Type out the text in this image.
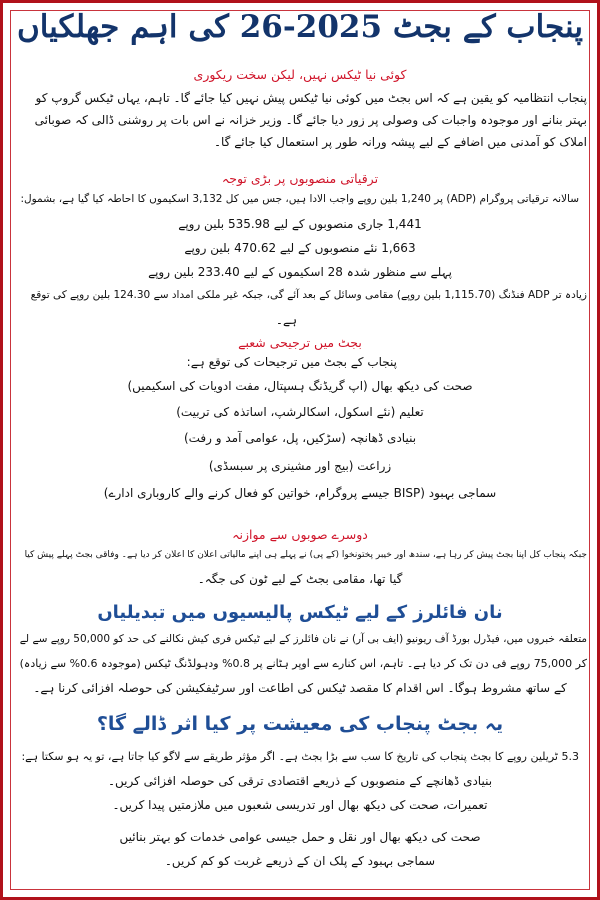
پنجاب کے بجٹ 2025-26 کی اہم جھلکیاں
کوئی نیا ٹیکس نہیں، لیکن سخت ریکوری
پنجاب انتظامیہ کو یقین ہے کہ اس بجٹ میں کوئی نیا ٹیکس پیش نہیں کیا جائے گا۔ تاہم، یہاں ٹیکس گروپ کو بہتر بنانے اور موجودہ واجبات کی وصولی پر زور دیا جائے گا۔ وزیر خزانہ نے اس بات پر روشنی ڈالی کہ صوبائی املاک کو آمدنی میں اضافے کے لیے پیشہ ورانہ طور پر استعمال کیا جائے گا۔
ترقیاتی منصوبوں پر بڑی توجہ
سالانہ ترقیاتی پروگرام (ADP) پر 1,240 بلین روپے واجب الادا ہیں، جس میں کل 3,132 اسکیموں کا احاطہ کیا گیا ہے، بشمول:
1,441 جاری منصوبوں کے لیے 535.98 بلین روپے
1,663 نئے منصوبوں کے لیے 470.62 بلین روپے
پہلے سے منظور شدہ 28 اسکیموں کے لیے 233.40 بلین روپے
زیادہ تر ADP فنڈنگ (1,115.70 بلین روپے) مقامی وسائل کے بعد آئے گی، جبکہ غیر ملکی امداد سے 124.30 بلین روپے کی توقع
ہے۔
بجٹ میں ترجیحی شعبے
پنجاب کے بجٹ میں ترجیحات کی توقع ہے:
صحت کی دیکھ بھال (اپ گریڈنگ ہسپتال، مفت ادویات کی اسکیمیں)
تعلیم (نئے اسکول، اسکالرشپ، اساتذہ کی تربیت)
بنیادی ڈھانچہ (سڑکیں، پل، عوامی آمد و رفت)
زراعت (بیج اور مشینری پر سبسڈی)
سماجی بہبود (BISP جیسے پروگرام، خواتین کو فعال کرنے والے کاروباری ادارے)
دوسرے صوبوں سے موازنہ
جبکہ پنجاب کل اپنا بجٹ پیش کر رہا ہے، سندھ اور خیبر پختونخوا (کے پی) نے پہلے ہی اپنے مالیاتی اعلان کا اعلان کر دیا ہے۔ وفاقی بجٹ پہلے پیش کیا
گیا تھا، مقامی بجٹ کے لیے ٹون کی جگہ۔
نان فائلرز کے لیے ٹیکس پالیسیوں میں تبدیلیاں
متعلقہ خبروں میں، فیڈرل بورڈ آف ریونیو (ایف بی آر) نے نان فائلرز کے لیے ٹیکس فری کیش نکالنے کی حد کو 50,000 روپے سے لے
کر 75,000 روپے فی دن تک کر دیا ہے۔ تاہم، اس کنارے سے اوپر ہٹانے پر 0.8% ودہولڈنگ ٹیکس (موجودہ 0.6% سے زیادہ)
کے ساتھ مشروط ہوگا۔ اس اقدام کا مقصد ٹیکس کی اطاعت اور سرٹیفکیشن کی حوصلہ افزائی کرنا ہے۔
یہ بجٹ پنجاب کی معیشت پر کیا اثر ڈالے گا؟
5.3 ٹریلین روپے کا بجٹ پنجاب کی تاریخ کا سب سے بڑا بجٹ ہے۔ اگر مؤثر طریقے سے لاگو کیا جاتا ہے، تو یہ ہو سکتا ہے:
بنیادی ڈھانچے کے منصوبوں کے ذریعے اقتصادی ترقی کی حوصلہ افزائی کریں۔
تعمیرات، صحت کی دیکھ بھال اور تدریسی شعبوں میں ملازمتیں پیدا کریں۔
صحت کی دیکھ بھال اور نقل و حمل جیسی عوامی خدمات کو بہتر بنائیں
سماجی بہبود کے پلک ان کے ذریعے غربت کو کم کریں۔
